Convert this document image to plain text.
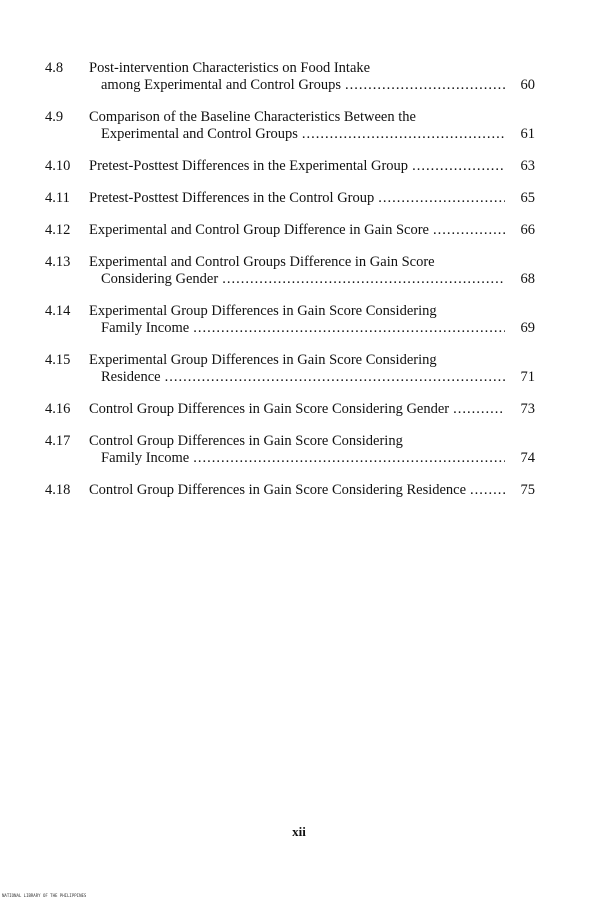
4.8	Post-intervention Characteristics on Food Intake
among Experimental and Control Groups .....	60
4.9	Comparison of the Baseline Characteristics Between the
Experimental and Control Groups .....	61
4.10	Pretest-Posttest Differences in the Experimental Group .....	63
4.11	Pretest-Posttest Differences in the Control Group .....	65
4.12	Experimental and Control Group Difference in Gain Score .....	66
4.13	Experimental and Control Groups Difference in Gain Score
Considering Gender .....	68
4.14	Experimental Group Differences in Gain Score Considering
Family Income .....	69
4.15	Experimental Group Differences in Gain Score Considering
Residence .....	71
4.16	Control Group Differences in Gain Score Considering Gender .....	73
4.17	Control Group Differences in Gain Score Considering
Family Income .....	74
4.18	Control Group Differences in Gain Score Considering Residence .....	75
xii
NATIONAL LIBRARY OF THE PHILIPPINES
